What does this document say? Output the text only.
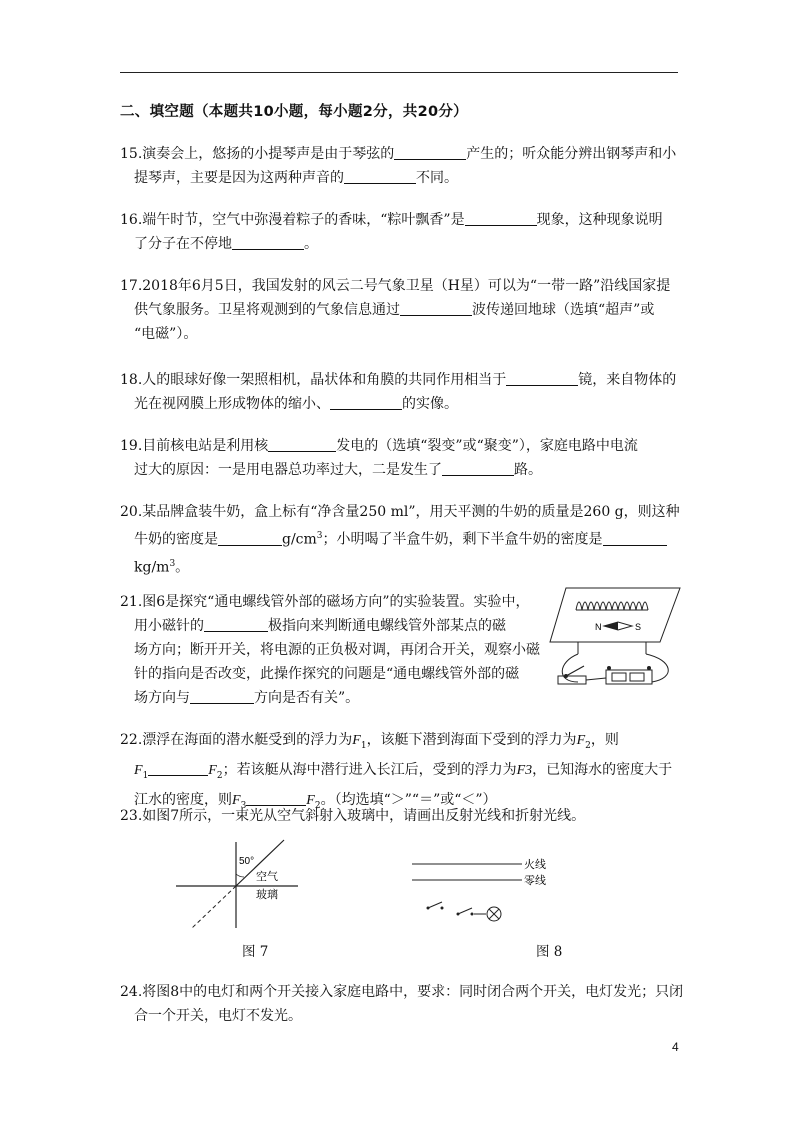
二、填空题（本题共10小题，每小题2分，共20分）
15.演奏会上，悠扬的小提琴声是由于琴弦的	产生的；听众能分辨出钢琴声和小
提琴声，主要是因为这两种声音的	不同。
16.端午时节，空气中弥漫着粽子的香味，“粽叶飘香”是	现象，这种现象说明
了分子在不停地	。
17.2018年6月5日，我国发射的风云二号气象卫星（H星）可以为“一带一路”沿线国家提
供气象服务。卫星将观测到的气象信息通过	波传递回地球（选填“超声”或
“电磁”）。
18.人的眼球好像一架照相机，晶状体和角膜的共同作用相当于	镜，来自物体的
光在视网膜上形成物体的缩小、	的实像。
19.目前核电站是利用核	发电的（选填“裂变”或“聚变”），家庭电路中电流
过大的原因：一是用电器总功率过大，二是发生了	路。
20.某品牌盒装牛奶，盒上标有“净含量250 ml”，用天平测的牛奶的质量是260 g，则这种
牛奶的密度是	$g/cm^3$；小明喝了半盒牛奶，剩下半盒牛奶的密度是
$kg/m^3$。
21.图6是探究“通电螺线管外部的磁场方向”的实验装置。实验中，
用小磁针的	极指向来判断通电螺线管外部某点的磁
场方向；断开开关，将电源的正负极对调，再闭合开关，观察小磁
针的指向是否改变，此操作探究的问题是“通电螺线管外部的磁
场方向与	方向是否有关”。
N	S
22.漂浮在海面的潜水艇受到的浮力为$F_1$，该艇下潜到海面下受到的浮力为$F_2$，则
$F_1$	$F_2$；若该艇从海中潜行进入长江后，受到的浮力为F3，已知海水的密度大于
江水的密度，则$F_3$	$F_2$。（均选填“＞”“＝”或“＜”）
23.如图7所示，一束光从空气斜射入玻璃中，请画出反射光线和折射光线。
50°
空气
玻璃
图 7
火线
零线
图 8
24.将图8中的电灯和两个开关接入家庭电路中，要求：同时闭合两个开关，电灯发光；只闭
合一个开关，电灯不发光。
4
